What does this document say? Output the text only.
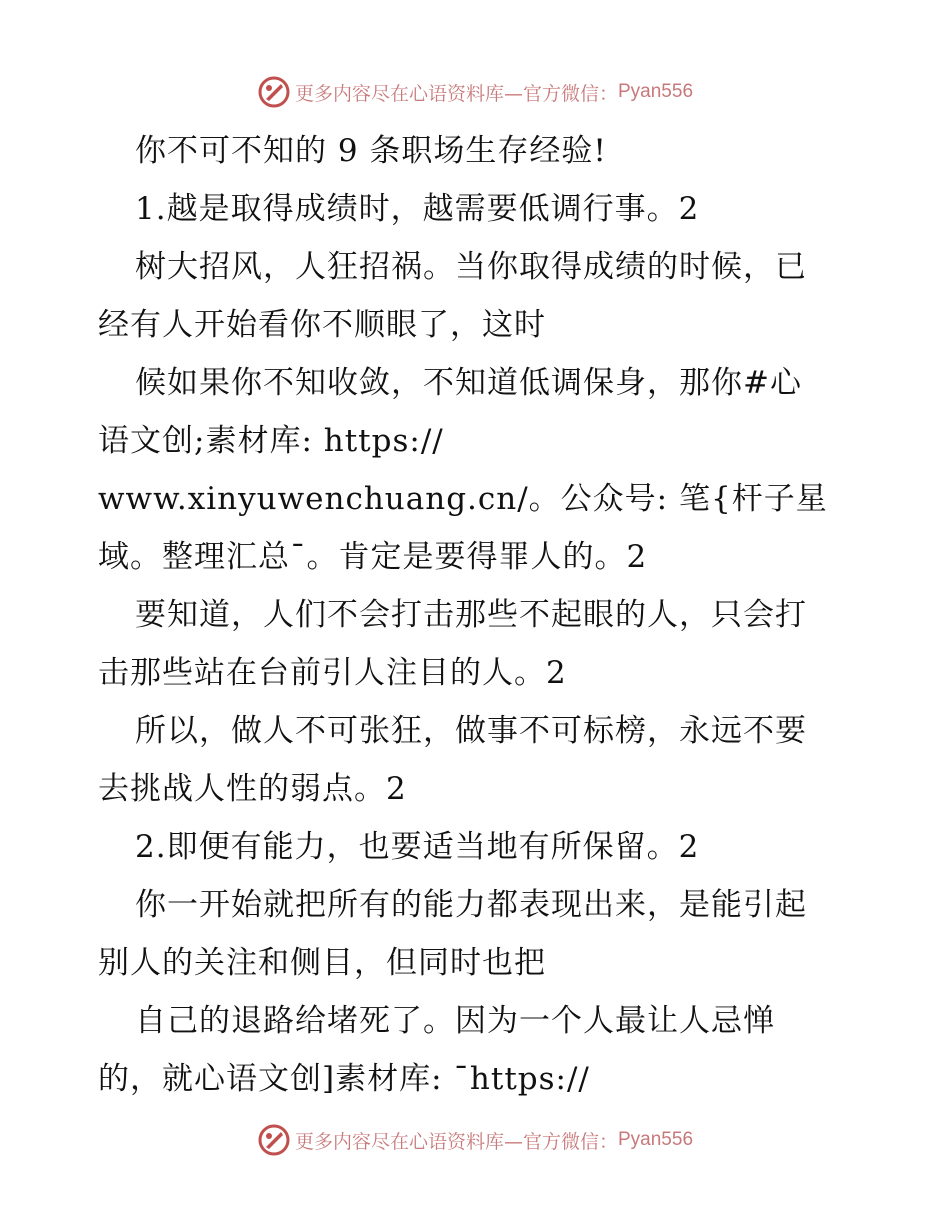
更多内容尽在心语资料库—官方微信： Pyan556
你不可不知的 9 条职场生存经验!
1.越是取得成绩时，越需要低调行事。2
树大招风，人狂招祸。当你取得成绩的时候，已
经有人开始看你不顺眼了，这时
候如果你不知收敛，不知道低调保身，那你#心
语文创;素材库: https://
www.xinyuwenchuang.cn/。公众号: 笔{杆子星
域。整理汇总¯。肯定是要得罪人的。2
要知道，人们不会打击那些不起眼的人，只会打
击那些站在台前引人注目的人。2
所以，做人不可张狂，做事不可标榜，永远不要
去挑战人性的弱点。2
2.即便有能力，也要适当地有所保留。2
你一开始就把所有的能力都表现出来，是能引起
别人的关注和侧目，但同时也把
自己的退路给堵死了。因为一个人最让人忌惮
的，就心语文创]素材库: ¯https://
更多内容尽在心语资料库—官方微信： Pyan556
